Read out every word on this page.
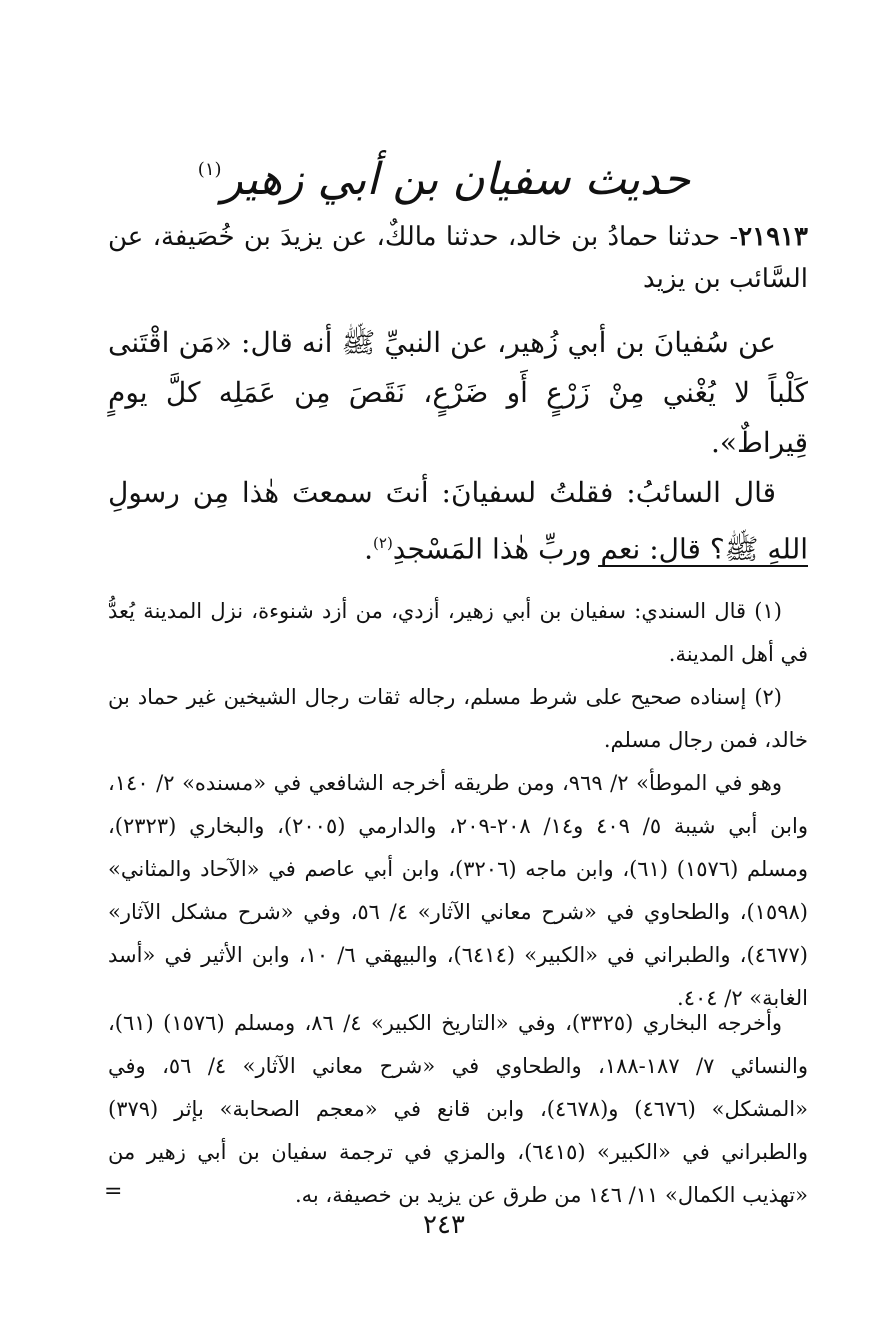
حديث سفيان بن أبي زهير$^{(١)}$

٢١٩١٣- حدثنا حمادُ بن خالد، حدثنا مالكٌ، عن يزيدَ بن خُصَيفة، عن السَّائب بن يزيد

عن سُفيانَ بن أبي زُهير، عن النبيِّ ﷺ أنه قال: «مَن اقْتَنى كَلْباً لا يُغْني مِنْ زَرْعٍ أَو ضَرْعٍ، نَقَصَ مِن عَمَلِه كلَّ يومٍ قِيراطٌ».

قال السائبُ: فقلتُ لسفيانَ: أنتَ سمعتَ هٰذا مِن رسولِ اللهِ ﷺ؟ قال: نعم وربِّ هٰذا المَسْجدِ$^{(٢)}$.

(١) قال السندي: سفيان بن أبي زهير، أزدي، من أزد شنوءة، نزل المدينة يُعدُّ في أهل المدينة.

(٢) إسناده صحيح على شرط مسلم، رجاله ثقات رجال الشيخين غير حماد بن خالد، فمن رجال مسلم.

وهو في الموطأ» ٢/ ٩٦٩، ومن طريقه أخرجه الشافعي في «مسنده» ٢/ ١٤٠، وابن أبي شيبة ٥/ ٤٠٩ و١٤/ ٢٠٨-٢٠٩، والدارمي (٢٠٠٥)، والبخاري (٢٣٢٣)، ومسلم (١٥٧٦) (٦١)، وابن ماجه (٣٢٠٦)، وابن أبي عاصم في «الآحاد والمثاني» (١٥٩٨)، والطحاوي في «شرح معاني الآثار» ٤/ ٥٦، وفي «شرح مشكل الآثار» (٤٦٧٧)، والطبراني في «الكبير» (٦٤١٤)، والبيهقي ٦/ ١٠، وابن الأثير في «أسد الغابة» ٢/ ٤٠٤.

وأخرجه البخاري (٣٣٢٥)، وفي «التاريخ الكبير» ٤/ ٨٦، ومسلم (١٥٧٦) (٦١)، والنسائي ٧/ ١٨٧-١٨٨، والطحاوي في «شرح معاني الآثار» ٤/ ٥٦، وفي «المشكل» (٤٦٧٦) و(٤٦٧٨)، وابن قانع في «معجم الصحابة» بإثر (٣٧٩) والطبراني في «الكبير» (٦٤١٥)، والمزي في ترجمة سفيان بن أبي زهير من «تهذيب الكمال» ١١/ ١٤٦ من طرق عن يزيد بن خصيفة، به.

=
٢٤٣
